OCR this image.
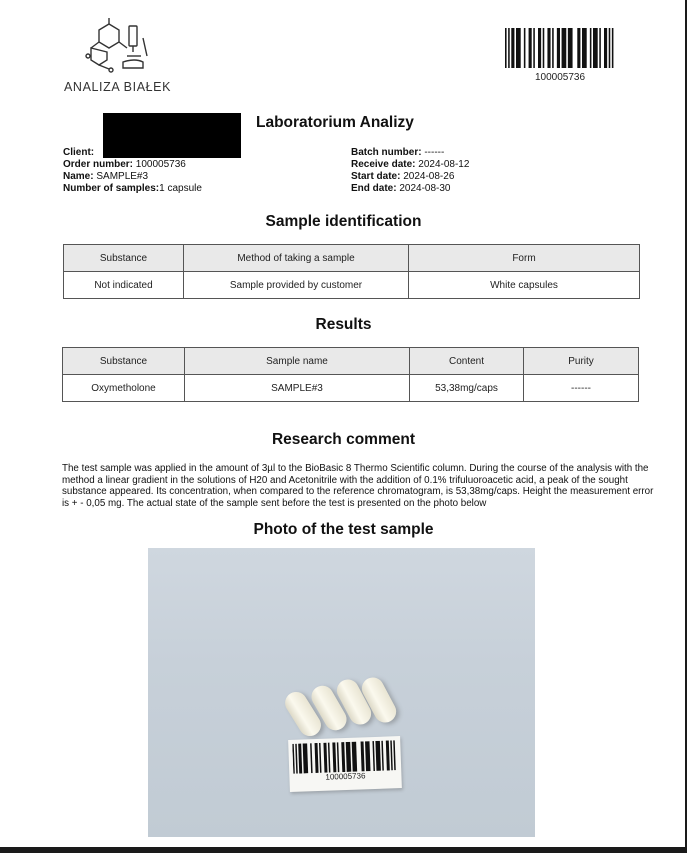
ANALIZA BIAŁEK
100005736
Laboratorium Analizy
Client:
Order number: 100005736
Name: SAMPLE#3
Number of samples:1 capsule
Batch number: ------
Receive date: 2024-08-12
Start date: 2024-08-26
End date: 2024-08-30
Sample identification
Substance	Method of taking a sample	Form
Not indicated	Sample provided by customer	White capsules
Results
Substance	Sample name	Content	Purity
Oxymetholone	SAMPLE#3	53,38mg/caps	------
Research comment
The test sample was applied in the amount of 3µl to the BioBasic 8 Thermo Scientific column. During the course of the analysis with the method a linear gradient in the solutions of H20 and Acetonitrile with the addition of 0.1% trifuluoroacetic acid, a peak of the sought substance appeared. Its concentration, when compared to the reference chromatogram, is 53,38mg/caps. Height the measurement error is + - 0,05 mg. The actual state of the sample sent before the test is presented on the photo below
Photo of the test sample
100005736
